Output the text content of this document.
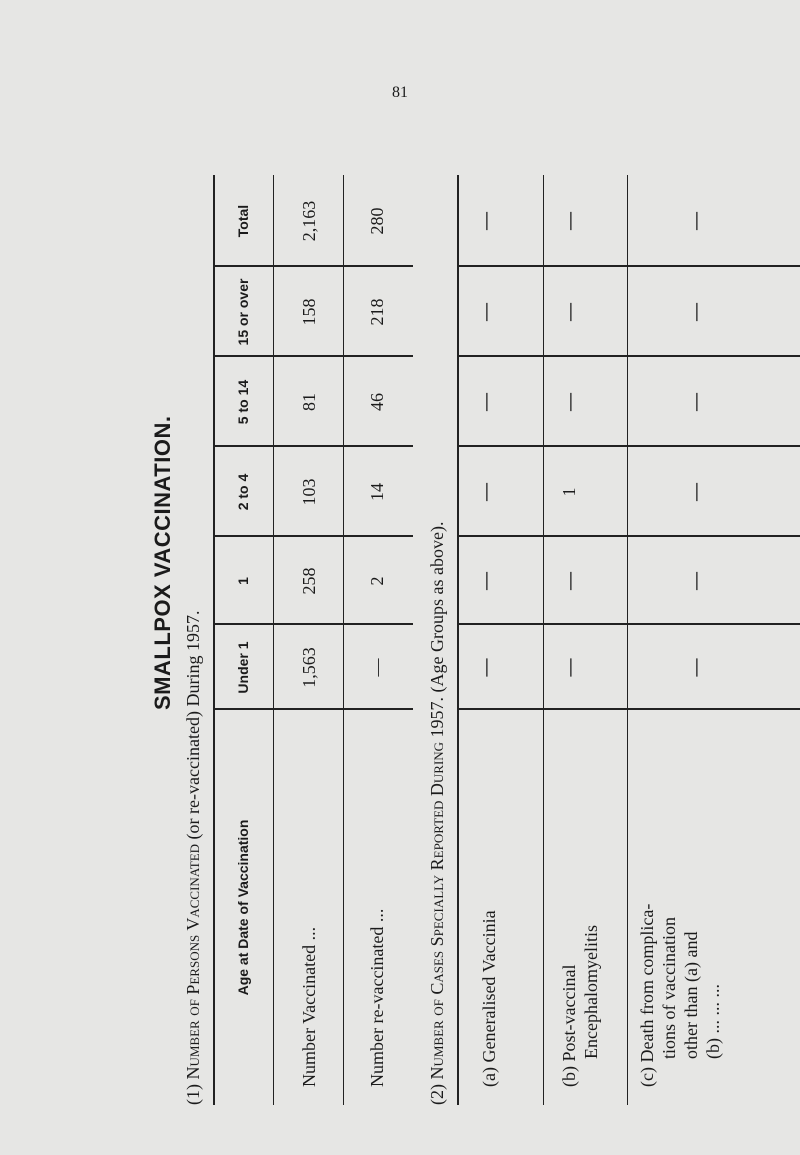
81
SMALLPOX VACCINATION.
(1) Number of Persons Vaccinated (or re-vaccinated) During 1957.
Age at Date of Vaccination
Under 1
1
2 to 4
5 to 14
15 or over
Total
Number Vaccinated ...
1,563
258
103
81
158
2,163
Number re-vaccinated ...
—
2
14
46
218
280
(2) Number of Cases Specially Reported During 1957. (Age Groups as above).
(a) Generalised Vaccinia
—
—
—
—
—
—
(b) Post-vaccinal Encephalomyelitis
—
—
1
—
—
—
(c) Death from complica- tions of vaccination other than (a) and (b) ... ... ...
—
—
—
—
—
—
